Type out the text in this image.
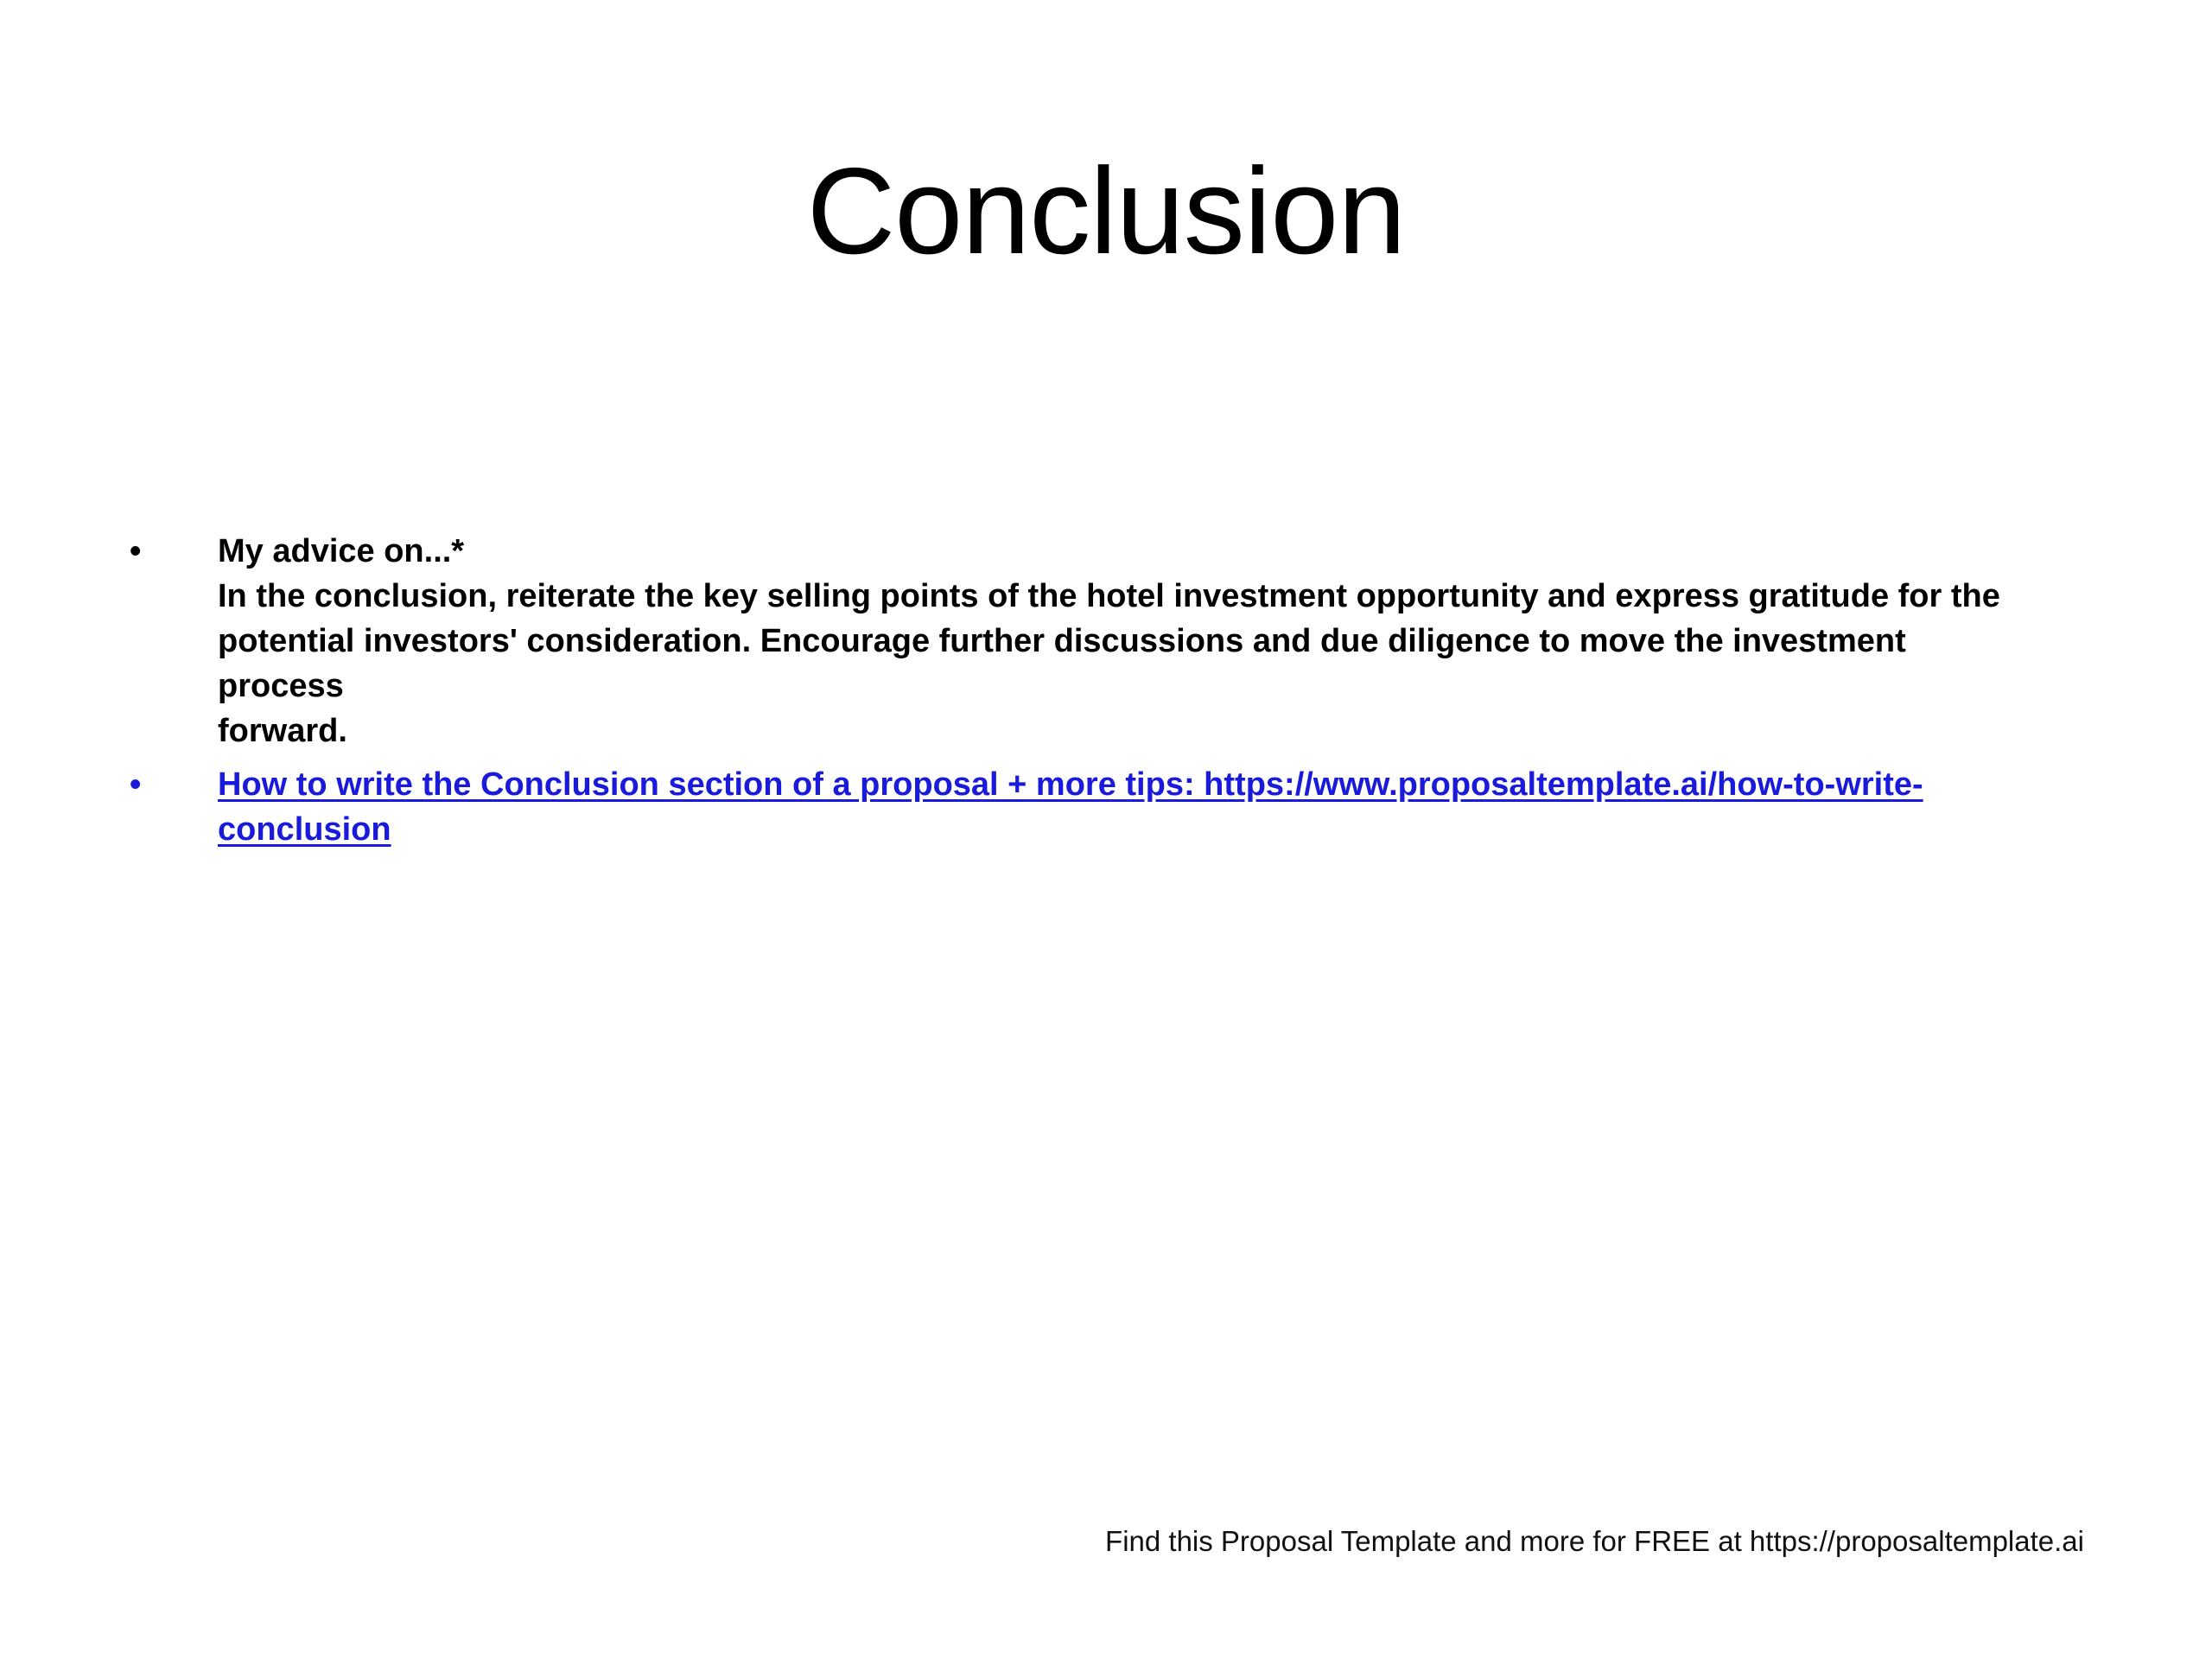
Conclusion
•	My advice on...*
In the conclusion, reiterate the key selling points of the hotel investment opportunity and express gratitude for the
potential investors' consideration. Encourage further discussions and due diligence to move the investment process
forward.
•	How to write the Conclusion section of a proposal + more tips: https://www.proposaltemplate.ai/how-to-write-
conclusion
Find this Proposal Template and more for FREE at https://proposaltemplate.ai
